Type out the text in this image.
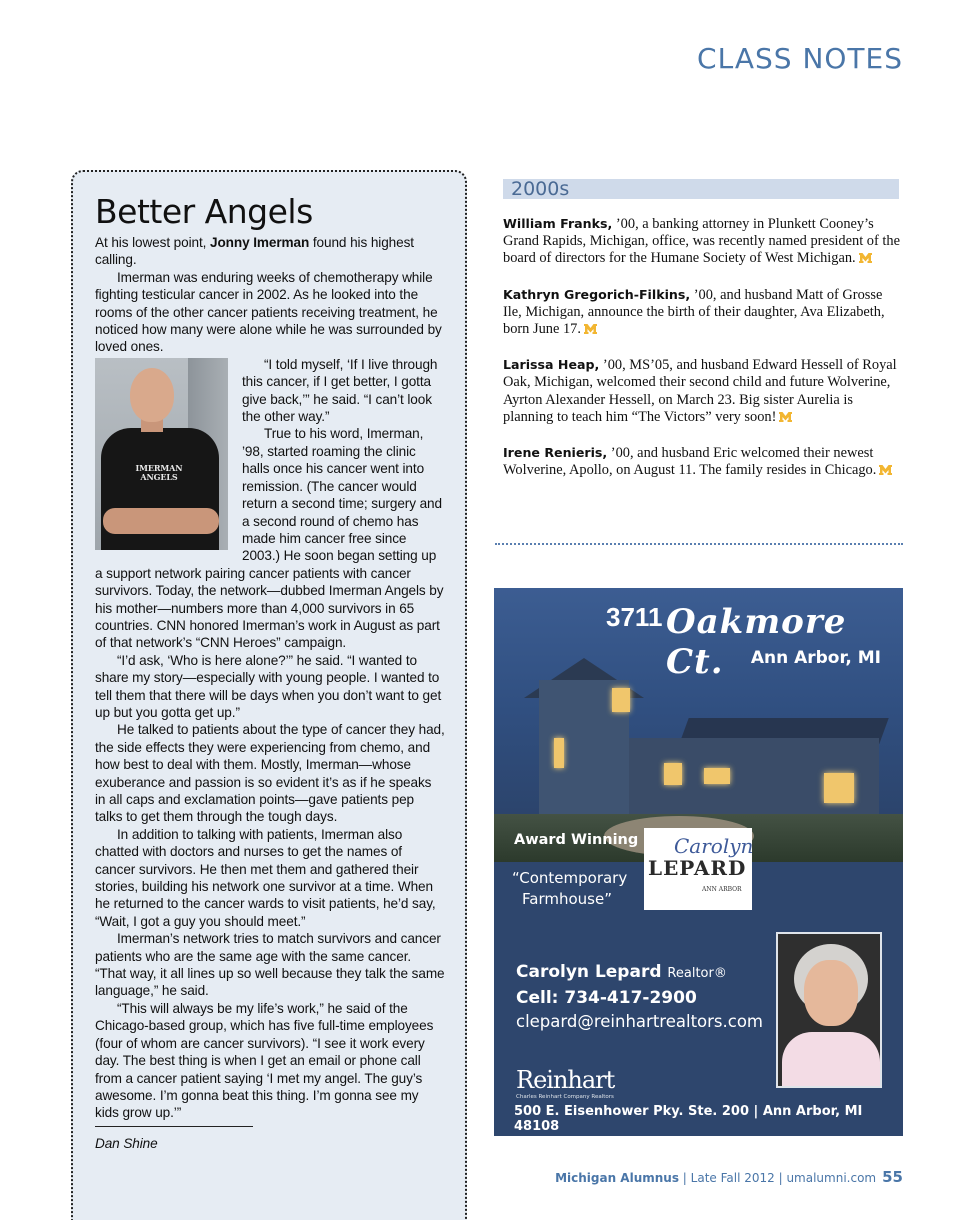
CLASS NOTES
Better Angels

At his lowest point, Jonny Imerman found his highest calling.

Imerman was enduring weeks of chemotherapy while fighting testicular cancer in 2002. As he looked into the rooms of the other cancer patients receiving treatment, he noticed how many were alone while he was surrounded by loved ones.

IMERMAN ANGELS

“I told myself, ‘If I live through this cancer, if I get better, I gotta give back,’” he said. “I can’t look the other way.”

True to his word, Imerman, ’98, started roaming the clinic halls once his cancer went into remission. (The cancer would return a second time; surgery and a second round of chemo has made him cancer free since 2003.) He soon began setting up a support network pairing cancer patients with cancer survivors. Today, the network—dubbed Imerman Angels by his mother—numbers more than 4,000 survivors in 65 countries. CNN honored Imerman’s work in August as part of that network’s “CNN Heroes” campaign.

“I’d ask, ‘Who is here alone?’” he said. “I wanted to share my story—especially with young people. I wanted to tell them that there will be days when you don’t want to get up but you gotta get up.”

He talked to patients about the type of cancer they had, the side effects they were experiencing from chemo, and how best to deal with them. Mostly, Imerman—whose exuberance and passion is so evident it’s as if he speaks in all caps and exclamation points—gave patients pep talks to get them through the tough days.

In addition to talking with patients, Imerman also chatted with doctors and nurses to get the names of cancer survivors. He then met them and gathered their stories, building his network one survivor at a time. When he returned to the cancer wards to visit patients, he’d say, “Wait, I got a guy you should meet.”

Imerman’s network tries to match survivors and cancer patients who are the same age with the same cancer. “That way, it all lines up so well because they talk the same language,” he said.

“This will always be my life’s work,” he said of the Chicago-based group, which has five full-time employees (four of whom are cancer survivors). “I see it work every day. The best thing is when I get an email or phone call from a cancer patient saying ‘I met my angel. The guy’s awesome. I’m gonna beat this thing. I’m gonna see my kids grow up.’”

Dan Shine
2000s

William Franks, ’00, a banking attorney in Plunkett Cooney’s Grand Rapids, Michigan, office, was recently named president of the board of directors for the Humane Society of West Michigan.

Kathryn Gregorich-Filkins, ’00, and husband Matt of Grosse Ile, Michigan, announce the birth of their daughter, Ava Elizabeth, born June 17.

Larissa Heap, ’00, MS’05, and husband Edward Hessell of Royal Oak, Michigan, welcomed their second child and future Wolverine, Ayrton Alexander Hessell, on March 23. Big sister Aurelia is planning to teach him “The Victors” very soon!

Irene Renieris, ’00, and husband Eric welcomed their newest Wolverine, Apollo, on August 11. The family resides in Chicago.

3711 Oakmore Ct.	Ann Arbor, MI
Award Winning
“Contemporary Farmhouse”
Carolyn
LEPARD
ANN ARBOR
Carolyn Lepard Realtor®
Cell: 734-417-2900
clepard@reinhartrealtors.com
Reinhart
Charles Reinhart Company Realtors
500 E. Eisenhower Pky. Ste. 200 | Ann Arbor, MI 48108
Michigan Alumnus | Late Fall 2012 | umalumni.com 55
